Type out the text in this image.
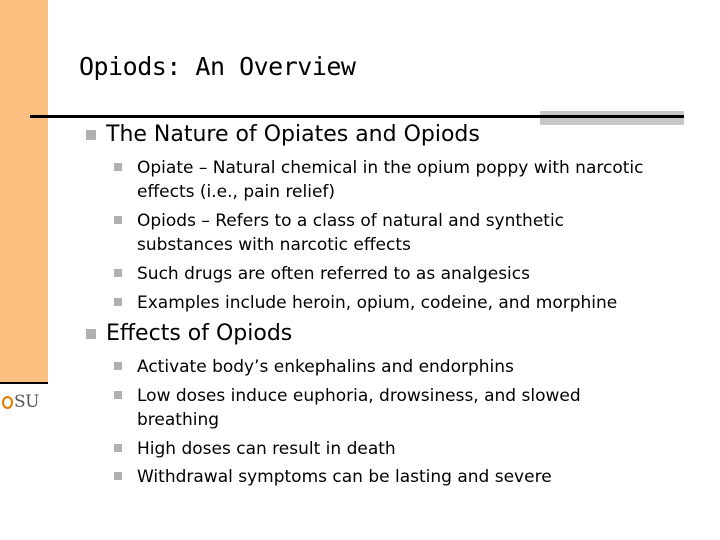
SU
Opiods: An Overview
The Nature of Opiates and Opiods
Opiate – Natural chemical in the opium poppy with narcotic
effects (i.e., pain relief)
Opiods – Refers to a class of natural and synthetic
substances with narcotic effects
Such drugs are often referred to as analgesics
Examples include heroin, opium, codeine, and morphine
Effects of Opiods
Activate body’s enkephalins and endorphins
Low doses induce euphoria, drowsiness, and slowed
breathing
High doses can result in death
Withdrawal symptoms can be lasting and severe
